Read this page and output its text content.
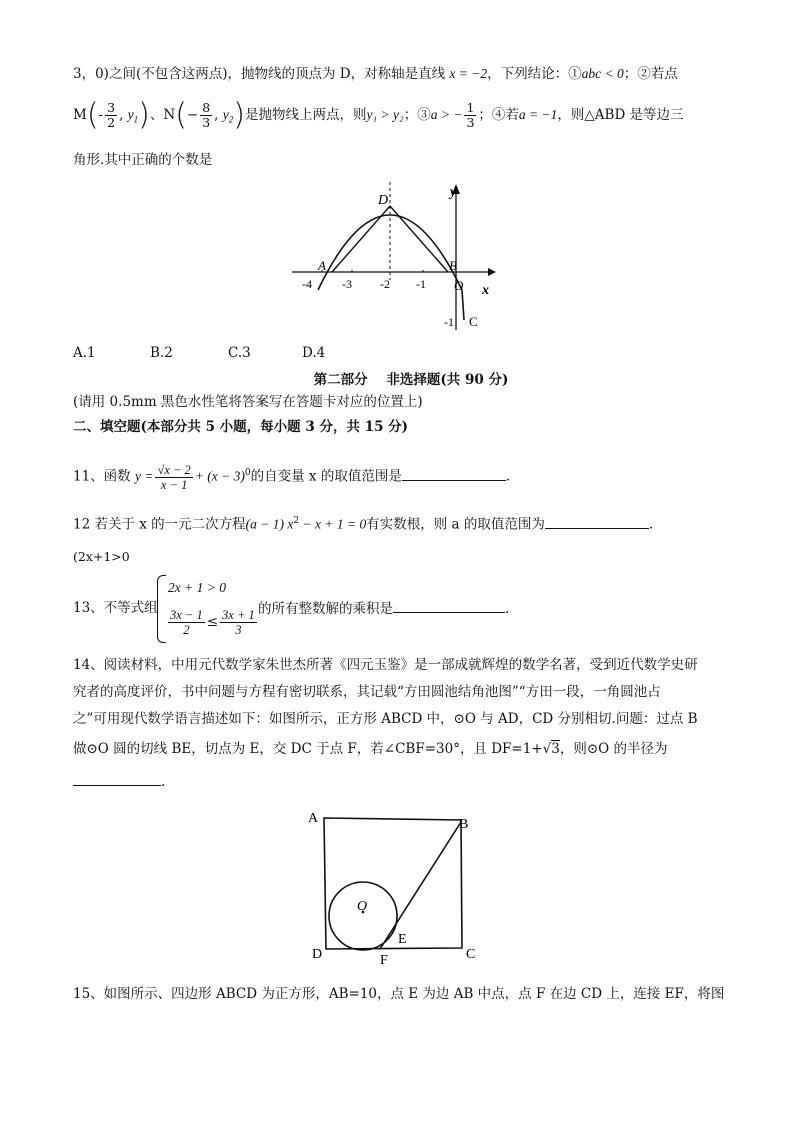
3，0)之间(不包含这两点)，抛物线的顶点为 D，对称轴是直线 x = −2，下列结论：①abc < 0；②若点
$M(- \frac{3}{2}$ , $y_1$)、$N(- \frac{8}{3}$ , $y_2$)是抛物线上两点，则y₁ > y₂；③a > − $\frac{1}{3}$ ；④若a = −1，则△ABD 是等边三
角形.其中正确的个数是
D
A	B
O
C
x
y
-4	-3 -2 -1
-1
A.1	B.2	C.3	D.4
第二部分    非选择题(共 90 分)
(请用 0.5mm 黑色水性笔将答案写在答题卡对应的位置上)
二、填空题(本部分共 5 小题，每小题 3 分，共 15 分)
11、函数 $y = \frac{√x - 2}{x - 1} + (x - 3)^0$的自变量 x 的取值范围是	.
12 若关于 x 的一元二次方程(a − 1) $x^2 - x + 1 = 0$有实数根，则 a 的取值范围为	.
(2x+1>0
2x + 1 > 0
13、不等式组 $\frac{3x - 1}{2} \le \frac{3x + 1}{3}$ 的所有整数解的乘积是	.
14、阅读材料，中用元代数学家朱世杰所著《四元玉鉴》是一部成就辉煌的数学名著，受到近代数学史研
究者的高度评价，书中问题与方程有密切联系，其记载“方田圆池结角池图”“方田一段，一角圆池占
之”可用现代数学语言描述如下：如图所示，正方形 ABCD 中，⊙O 与 AD，CD 分别相切.问题：过点 B
做⊙O 圆的切线 BE，切点为 E，交 DC 于点 F，若∠CBF=30°，且 DF=1+√3，则⊙O 的半径为
.
A	B
C
D
E
F
O
15、如图所示、四边形 ABCD 为正方形，AB=10，点 E 为边 AB 中点，点 F 在边 CD 上，连接 EF，将图
